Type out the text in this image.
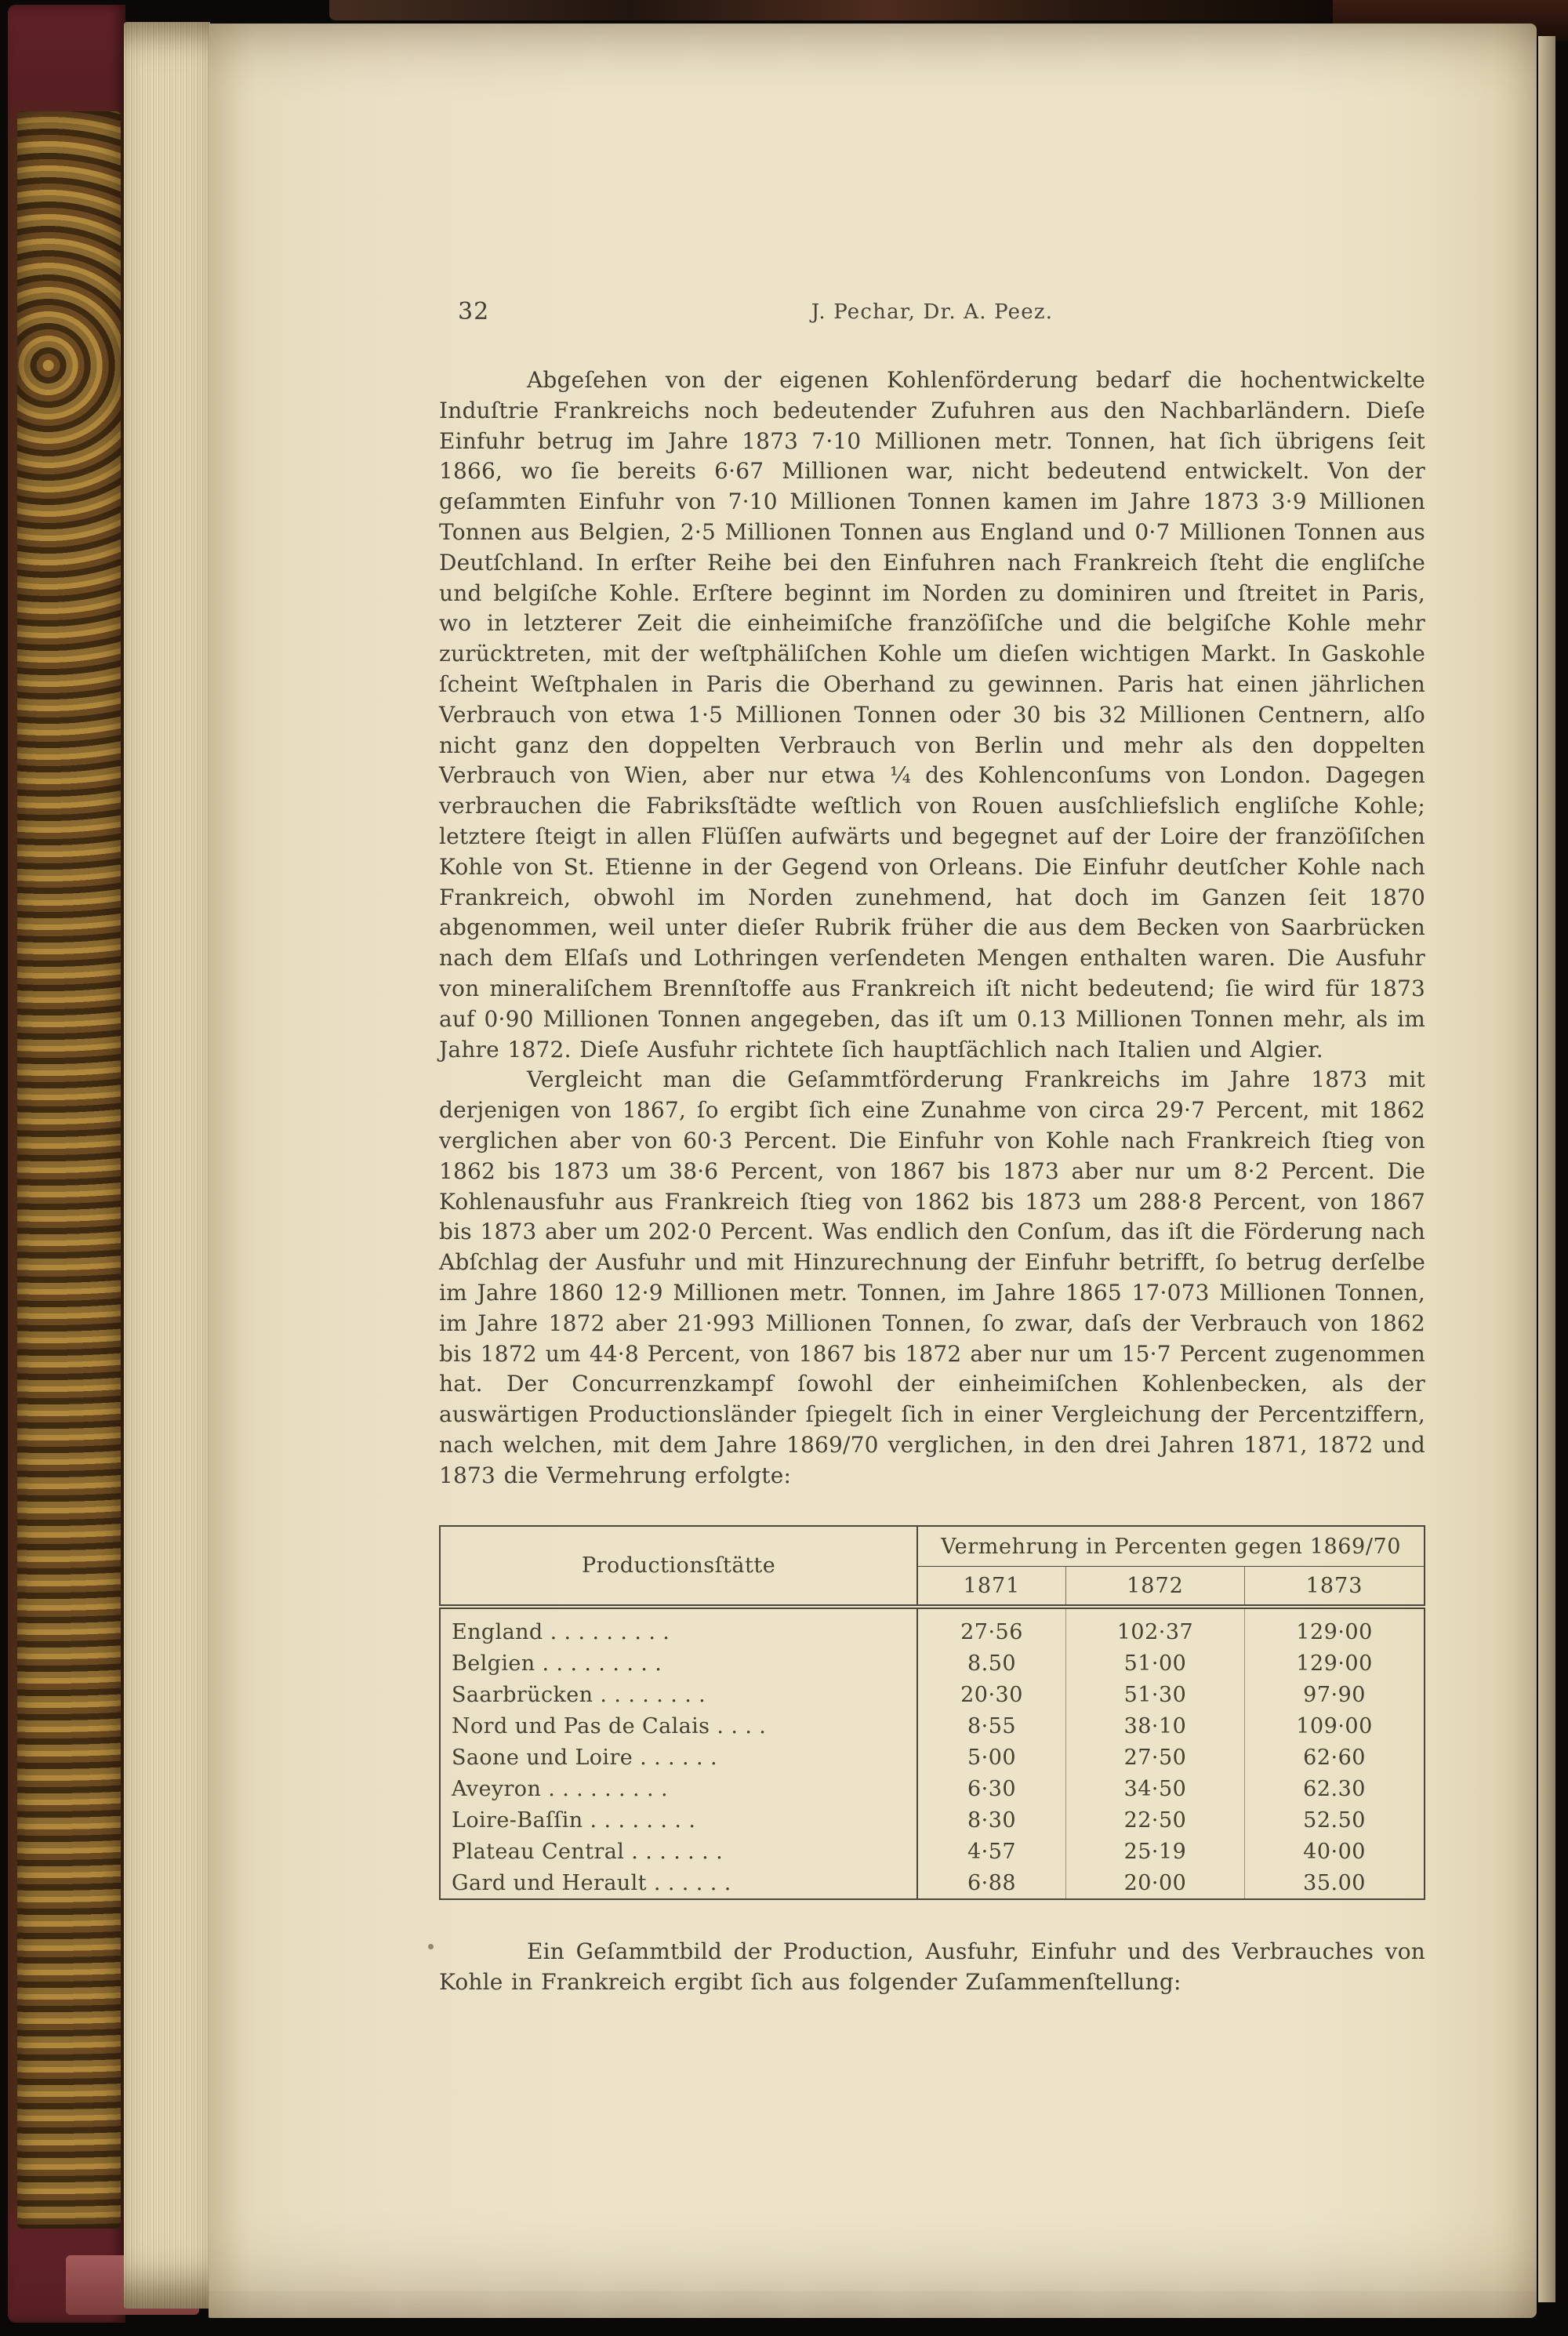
32	J. Pechar, Dr. A. Peez.

Abgeſehen von der eigenen Kohlenförderung bedarf die hochentwickelte Induſtrie Frankreichs noch bedeutender Zufuhren aus den Nachbarländern. Dieſe Einfuhr betrug im Jahre 1873 7·10 Millionen metr. Tonnen, hat ſich übrigens ſeit 1866, wo ſie bereits 6·67 Millionen war, nicht bedeutend entwickelt. Von der geſammten Einfuhr von 7·10 Millionen Tonnen kamen im Jahre 1873 3·9 Millionen Tonnen aus Belgien, 2·5 Millionen Tonnen aus England und 0·7 Millionen Tonnen aus Deutſchland. In erſter Reihe bei den Einfuhren nach Frankreich ſteht die engliſche und belgiſche Kohle. Erſtere beginnt im Norden zu dominiren und ſtreitet in Paris, wo in letzterer Zeit die einheimiſche franzöſiſche und die belgiſche Kohle mehr zurücktreten, mit der weſtphäliſchen Kohle um dieſen wichtigen Markt. In Gaskohle ſcheint Weſtphalen in Paris die Oberhand zu gewinnen. Paris hat einen jährlichen Verbrauch von etwa 1·5 Millionen Tonnen oder 30 bis 32 Millionen Centnern, alſo nicht ganz den doppelten Verbrauch von Berlin und mehr als den doppelten Verbrauch von Wien, aber nur etwa ¼ des Kohlenconſums von London. Dagegen verbrauchen die Fabriksſtädte weſtlich von Rouen ausſchliefslich engliſche Kohle; letztere ſteigt in allen Flüſſen aufwärts und begegnet auf der Loire der franzöſiſchen Kohle von St. Etienne in der Gegend von Orleans. Die Einfuhr deutſcher Kohle nach Frankreich, obwohl im Norden zunehmend, hat doch im Ganzen ſeit 1870 abgenommen, weil unter dieſer Rubrik früher die aus dem Becken von Saarbrücken nach dem Elſaſs und Lothringen verſendeten Mengen enthalten waren. Die Ausfuhr von mineraliſchem Brennſtoffe aus Frankreich iſt nicht bedeutend; ſie wird für 1873 auf 0·90 Millionen Tonnen angegeben, das iſt um 0.13 Millionen Tonnen mehr, als im Jahre 1872. Dieſe Ausfuhr richtete ſich hauptſächlich nach Italien und Algier.

Vergleicht man die Geſammtförderung Frankreichs im Jahre 1873 mit derjenigen von 1867, ſo ergibt ſich eine Zunahme von circa 29·7 Percent, mit 1862 verglichen aber von 60·3 Percent. Die Einfuhr von Kohle nach Frankreich ſtieg von 1862 bis 1873 um 38·6 Percent, von 1867 bis 1873 aber nur um 8·2 Percent. Die Kohlenausfuhr aus Frankreich ſtieg von 1862 bis 1873 um 288·8 Percent, von 1867 bis 1873 aber um 202·0 Percent. Was endlich den Conſum, das iſt die Förderung nach Abſchlag der Ausfuhr und mit Hinzurechnung der Einfuhr betrifft, ſo betrug derſelbe im Jahre 1860 12·9 Millionen metr. Tonnen, im Jahre 1865 17·073 Millionen Tonnen, im Jahre 1872 aber 21·993 Millionen Tonnen, ſo zwar, daſs der Verbrauch von 1862 bis 1872 um 44·8 Percent, von 1867 bis 1872 aber nur um 15·7 Percent zugenommen hat. Der Concurrenzkampf ſowohl der einheimiſchen Kohlenbecken, als der auswärtigen Productionsländer ſpiegelt ſich in einer Vergleichung der Percentziffern, nach welchen, mit dem Jahre 1869/70 verglichen, in den drei Jahren 1871, 1872 und 1873 die Vermehrung erfolgte:

Productionsſtätte	Vermehrung in Percenten gegen 1869/70		
	1871	1872	1873
England . . . . . . . . .	27·56	102·37	129·00
Belgien . . . . . . . . .	8.50	51·00	129·00
Saarbrücken . . . . . . . .	20·30	51·30	97·90
Nord und Pas de Calais . . . .	8·55	38·10	109·00
Saone und Loire . . . . . .	5·00	27·50	62·60
Aveyron . . . . . . . . .	6·30	34·50	62.30
Loire-Baſſin . . . . . . . .	8·30	22·50	52.50
Plateau Central . . . . . . .	4·57	25·19	40·00
Gard und Herault . . . . . .	6·88	20·00	35.00

Ein Geſammtbild der Production, Ausfuhr, Einfuhr und des Verbrauches von Kohle in Frankreich ergibt ſich aus folgender Zuſammenſtellung:
